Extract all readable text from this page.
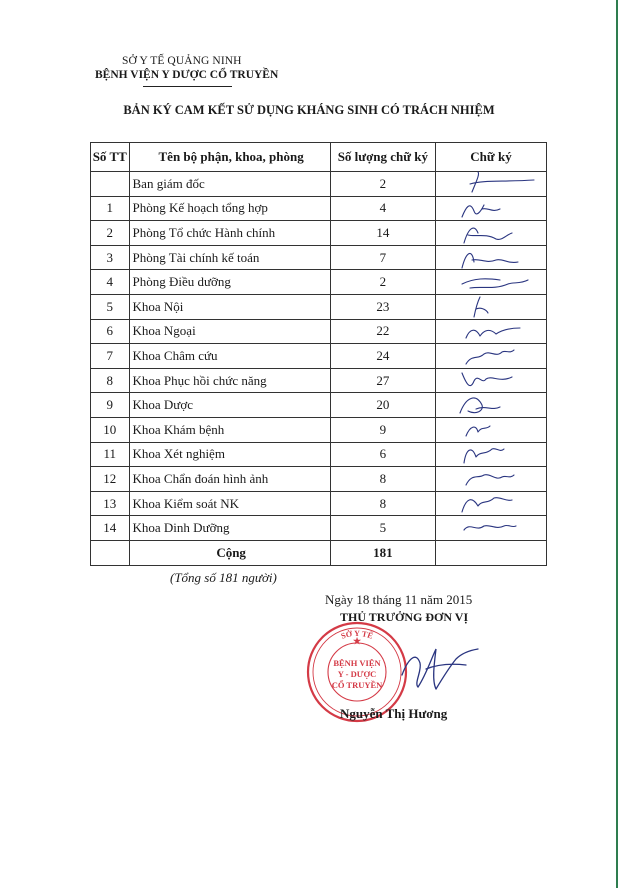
SỞ Y TẾ QUẢNG NINH
BỆNH VIỆN Y DƯỢC CỔ TRUYỀN
BẢN KÝ CAM KẾT SỬ DỤNG KHÁNG SINH CÓ TRÁCH NHIỆM
Số TT	Tên bộ phận, khoa, phòng	Số lượng chữ ký	Chữ ký
	Ban giám đốc	2	

1	Phòng Kế hoạch tổng hợp	4	

2	Phòng Tổ chức Hành chính	14	

3	Phòng Tài chính kế toán	7	

4	Phòng Điều dưỡng	2	

5	Khoa Nội	23	

6	Khoa Ngoại	22	

7	Khoa Châm cứu	24	

8	Khoa Phục hồi chức năng	27	

9	Khoa Dược	20	

10	Khoa Khám bệnh	9	

11	Khoa Xét nghiệm	6	

12	Khoa Chẩn đoán hình ảnh	8	

13	Khoa Kiểm soát NK	8	

14	Khoa Dinh Dưỡng	5	

	Cộng	181	
(Tổng số 181 người)
Ngày 18 tháng 11 năm 2015
THỦ TRƯỞNG ĐƠN VỊ
SỞ Y TẾ
BỆNH VIỆN
Y - DƯỢC
CỔ TRUYỀN
★
Nguyễn Thị Hương
